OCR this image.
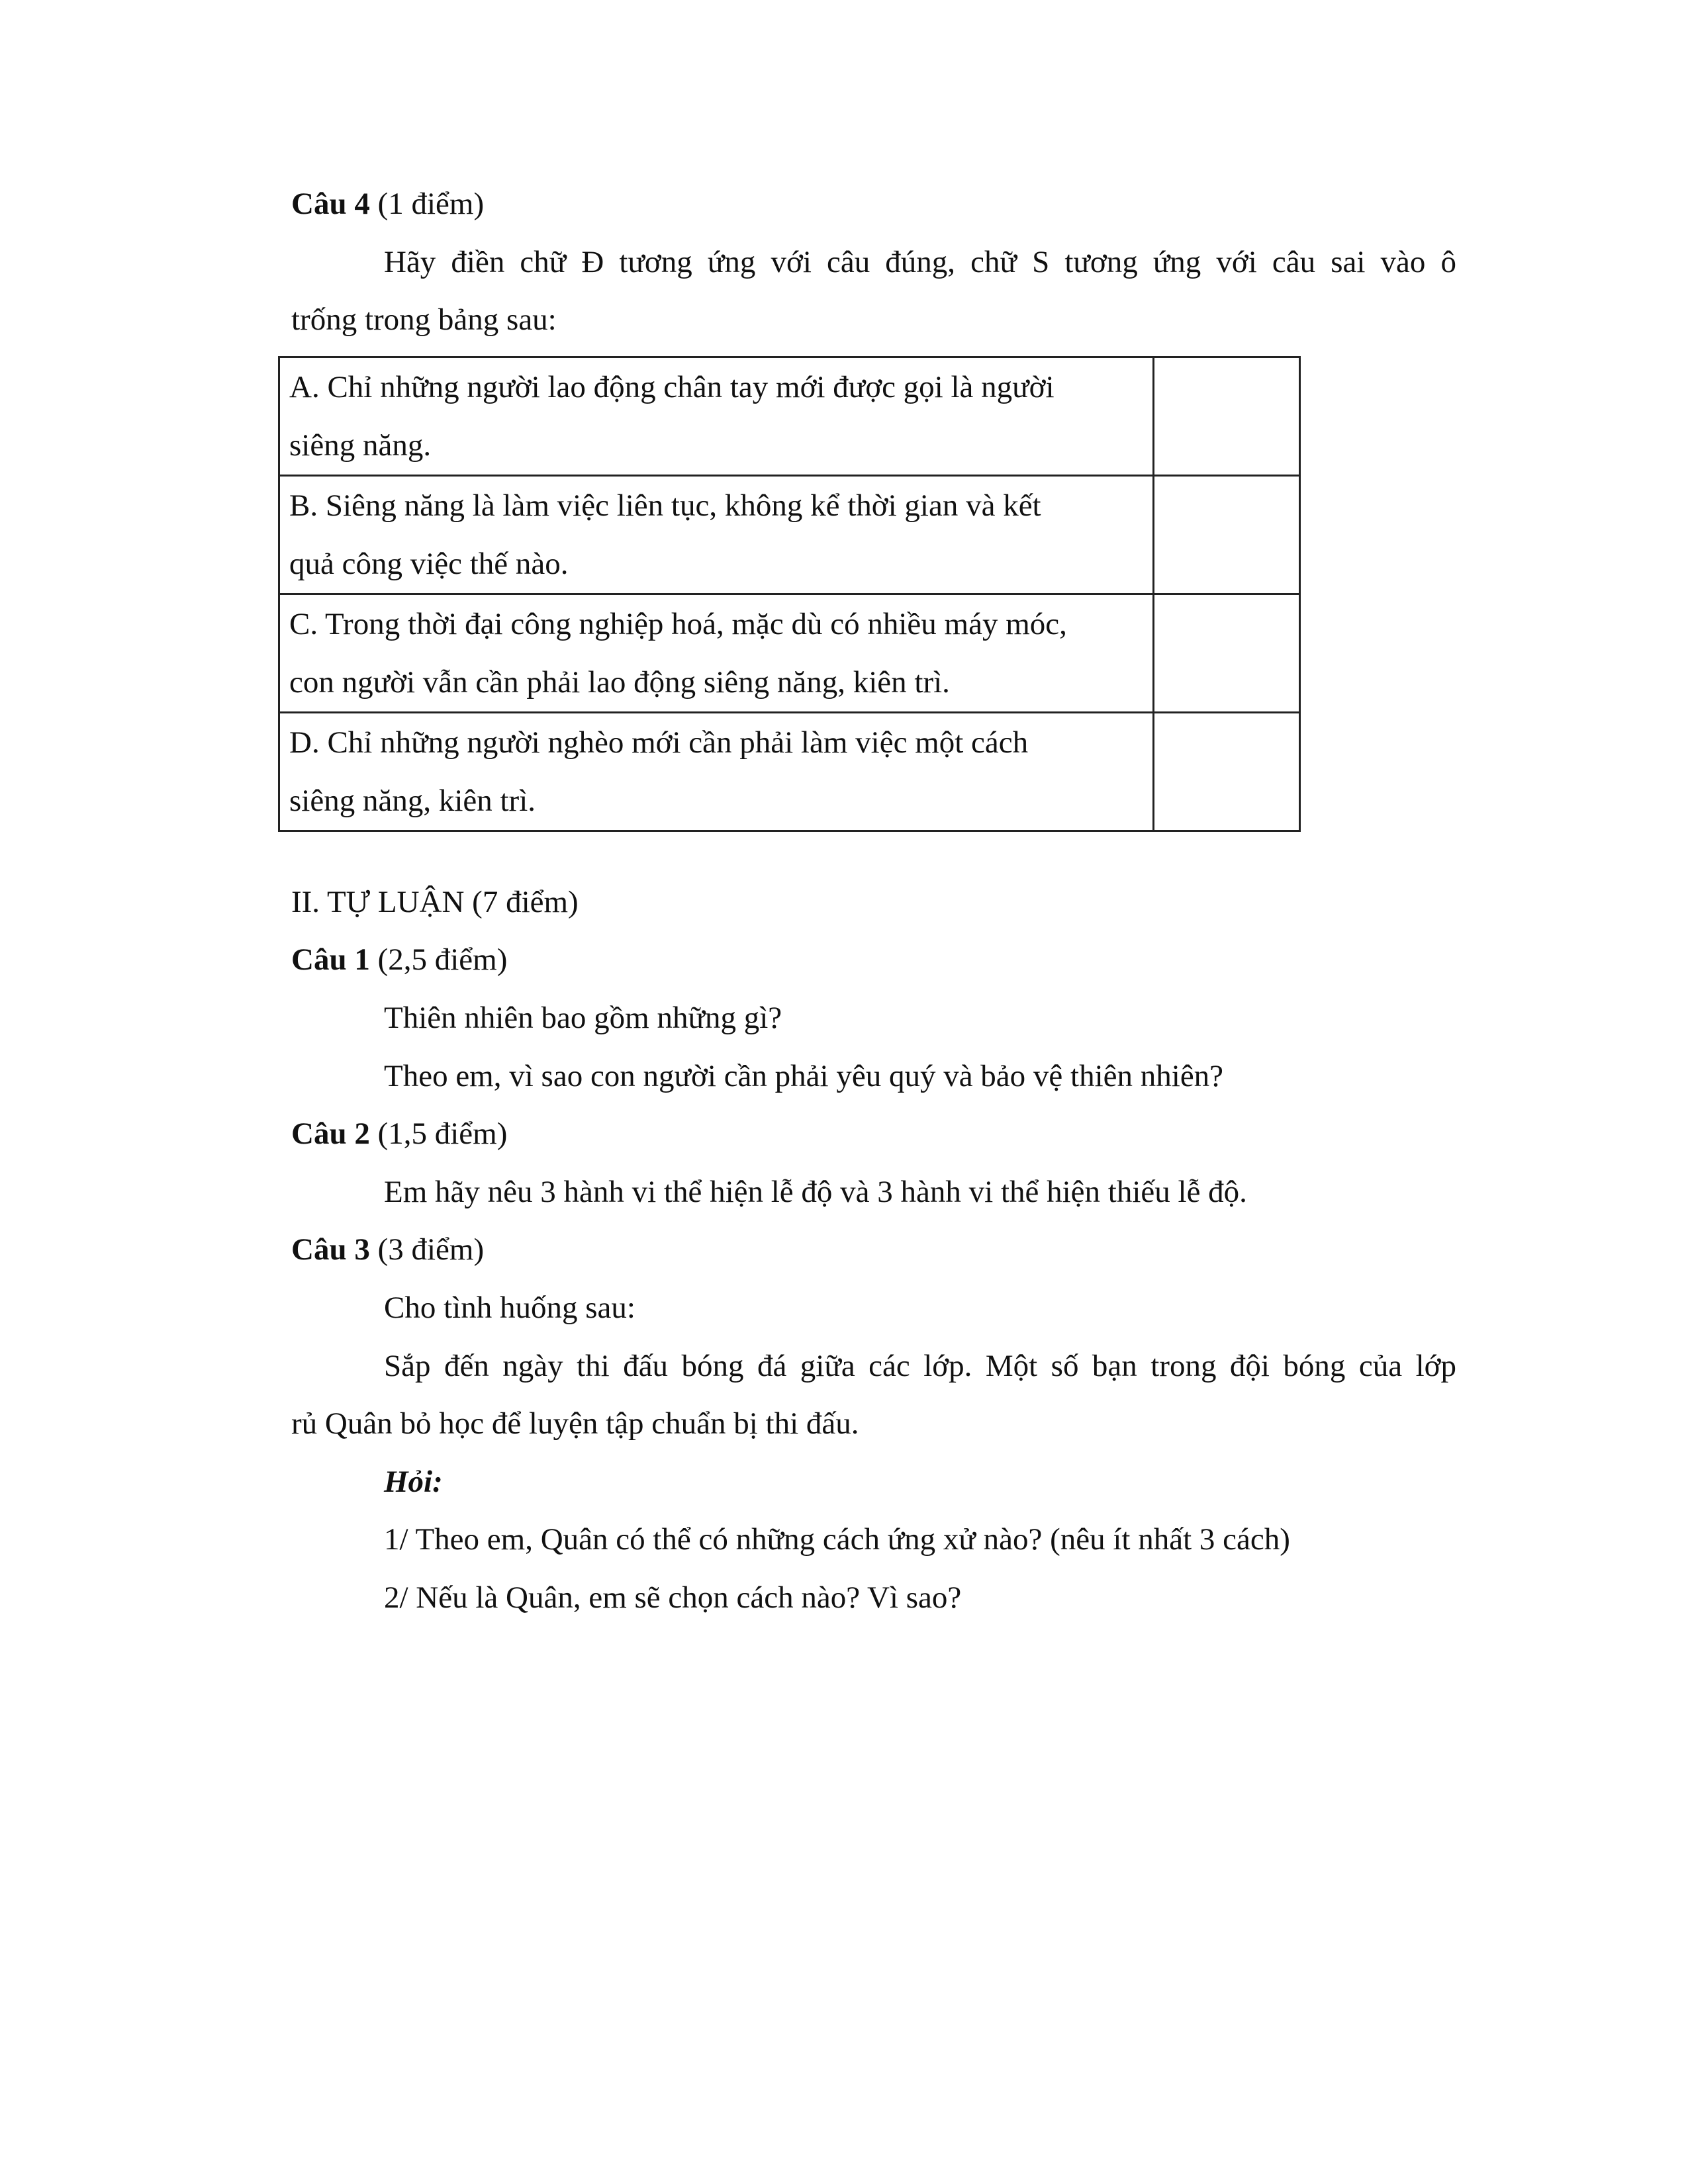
Câu 4 (1 điểm)
Hãy điền chữ Đ tương ứng với câu đúng, chữ S tương ứng với câu sai vào ô
trống trong bảng sau:
A. Chỉ những người lao động chân tay mới được gọi là người
siêng năng.	

B. Siêng năng là làm việc liên tục, không kể thời gian và kết
quả công việc thế nào.	

C. Trong thời đại công nghiệp hoá, mặc dù có nhiều máy móc,
con người vẫn cần phải lao động siêng năng, kiên trì.	

D. Chỉ những người nghèo mới cần phải làm việc một cách
siêng năng, kiên trì.	

II. TỰ LUẬN (7 điểm)
Câu 1 (2,5 điểm)
Thiên nhiên bao gồm những gì?
Theo em, vì sao con người cần phải yêu quý và bảo vệ thiên nhiên?
Câu 2 (1,5 điểm)
Em hãy nêu 3 hành vi thể hiện lễ độ và 3 hành vi thể hiện thiếu lễ độ.
Câu 3 (3 điểm)
Cho tình huống sau:
Sắp đến ngày thi đấu bóng đá giữa các lớp. Một số bạn trong đội bóng của lớp
rủ Quân bỏ học để luyện tập chuẩn bị thi đấu.
Hỏi:
1/ Theo em, Quân có thể có những cách ứng xử nào? (nêu ít nhất 3 cách)
2/ Nếu là Quân, em sẽ chọn cách nào? Vì sao?
